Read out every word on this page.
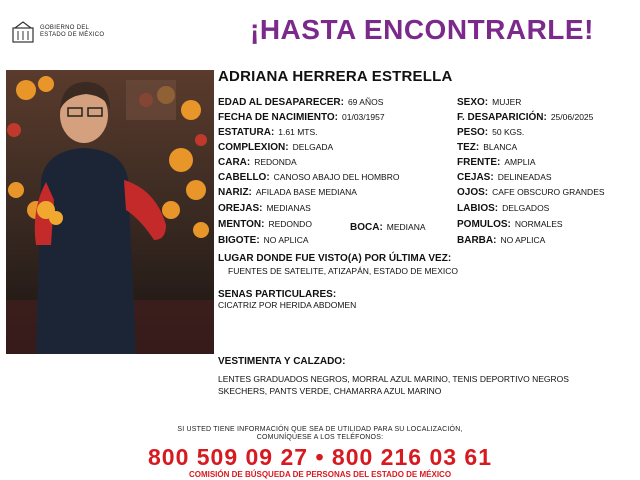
GOBIERNO DEL
ESTADO DE MÉXICO	¡HASTA ENCONTRARLE!
ADRIANA HERRERA ESTRELLA
EDAD AL DESAPARECER: 69 AÑOS
FECHA DE NACIMIENTO: 01/03/1957
ESTATURA: 1.61 MTS.
COMPLEXION: DELGADA
CARA: REDONDA
CABELLO: CANOSO ABAJO DEL HOMBRO
NARIZ: AFILADA BASE MEDIANA
OREJAS: MEDIANAS
MENTON: REDONDO	BOCA: MEDIANA
BIGOTE: NO APLICA
SEXO: MUJER
F. DESAPARICIÓN: 25/06/2025
PESO: 50 KGS.
TEZ: BLANCA
FRENTE: AMPLIA
CEJAS: DELINEADAS
OJOS: CAFE OBSCURO GRANDES
LABIOS: DELGADOS
POMULOS: NORMALES
BARBA: NO APLICA
LUGAR DONDE FUE VISTO(A) POR ÚLTIMA VEZ:
FUENTES DE SATELITE, ATIZAPÁN, ESTADO DE MEXICO
SENAS PARTICULARES:
CICATRIZ POR HERIDA ABDOMEN
VESTIMENTA Y CALZADO:
LENTES GRADUADOS NEGROS, MORRAL AZUL MARINO, TENIS DEPORTIVO NEGROS
SKECHERS, PANTS VERDE, CHAMARRA AZUL MARINO
SI USTED TIENE INFORMACIÓN QUE SEA DE UTILIDAD PARA SU LOCALIZACIÓN,
COMUNÍQUESE A LOS TELÉFONOS:
800 509 09 27 • 800 216 03 61
COMISIÓN DE BÚSQUEDA DE PERSONAS DEL ESTADO DE MÉXICO
